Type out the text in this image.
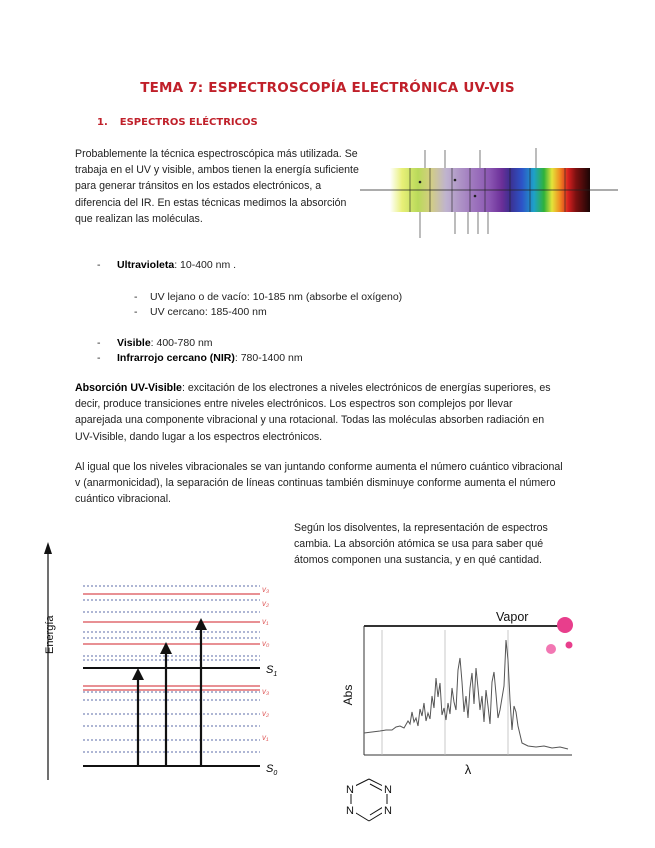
TEMA 7: ESPECTROSCOPÍA ELECTRÓNICA UV-VIS
1. ESPECTROS ELÉCTRICOS
Probablemente la técnica espectroscópica más utilizada. Se trabaja en el UV y visible, ambos tienen la energía suficiente para generar tránsitos en los estados electrónicos, a diferencia del IR. En estas técnicas medimos la absorción que realizan las moléculas.
- Ultravioleta: 10-400 nm .
- UV lejano o de vacío: 10-185 nm (absorbe el oxígeno)
- UV cercano: 185-400 nm
- Visible: 400-780 nm
- Infrarrojo cercano (NIR): 780-1400 nm
Absorción UV-Visible: excitación de los electrones a niveles electrónicos de energías superiores, es decir, produce transiciones entre niveles electrónicos. Los espectros son complejos por llevar aparejada una componente vibracional y una rotacional. Todas las moléculas absorben radiación en UV-Visible, dando lugar a los espectros electrónicos.
Al igual que los niveles vibracionales se van juntando conforme aumenta el número cuántico vibracional v (anarmonicidad), la separación de líneas continuas también disminuye conforme aumenta el número cuántico vibracional.
Según los disolventes, la representación de espectros cambia. La absorción atómica se usa para saber qué átomos componen una sustancia, y en qué cantidad.
Energía
$S_1$
$S_0$
v₃
v₂
v₁
v₀
v₃
v₂
v₁
Abs
Vapor
λ
N	N
N	N
